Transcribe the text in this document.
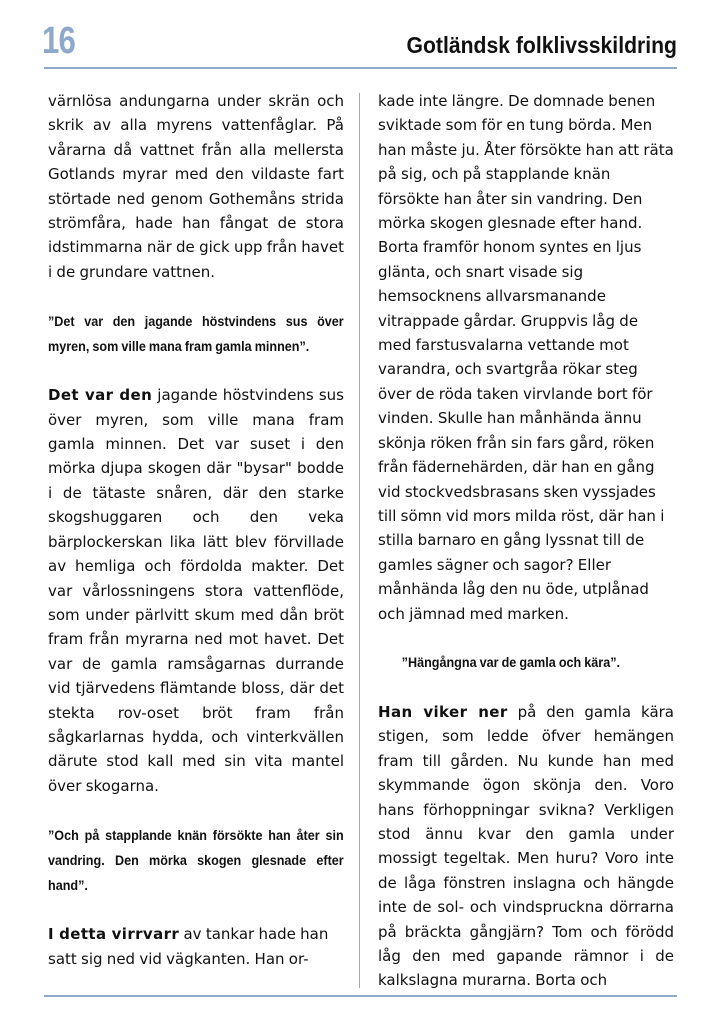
16	Gotländsk folklivsskildring

värnlösa andungarna under skrän och skrik av alla myrens vattenfåglar. På vårarna då vattnet från alla mellersta Gotlands myrar med den vildaste fart störtade ned genom Gothemåns strida strömfåra, hade han fångat de stora idstimmarna när de gick upp från havet i de grundare vattnen.

”Det var den jagande höstvindens sus över myren, som ville mana fram gamla minnen”.

Det var den jagande höstvindens sus över myren, som ville mana fram gamla minnen. Det var suset i den mörka djupa skogen där "bysar" bodde i de tätaste snåren, där den starke skogshuggaren och den veka bärplockerskan lika lätt blev förvillade av hemliga och fördolda makter. Det var vårlossningens stora vattenflöde, som under pärlvitt skum med dån bröt fram från myrarna ned mot havet. Det var de gamla ramsågarnas durrande vid tjärvedens flämtande bloss, där det stekta rov-oset bröt fram från sågkarlarnas hydda, och vinterkvällen därute stod kall med sin vita mantel över skogarna.

”Och på stapplande knän försökte han åter sin vandring. Den mörka skogen glesnade efter hand”.

I detta virrvarr av tankar hade han satt sig ned vid vägkanten. Han or-

kade inte längre. De domnade benen sviktade som för en tung börda. Men han måste ju. Åter försökte han att räta på sig, och på stapplande knän försökte han åter sin vandring. Den mörka skogen glesnade efter hand. Borta framför honom syntes en ljus glänta, och snart visade sig hemsocknens allvarsmanande vitrappade gårdar. Gruppvis låg de med farstusvalarna vettande mot varandra, och svartgråa rökar steg över de röda taken virvlande bort för vinden. Skulle han månhända ännu skönja röken från sin fars gård, röken från fädernehärden, där han en gång vid stockvedsbrasans sken vyssjades till sömn vid mors milda röst, där han i stilla barnaro en gång lyssnat till de gamles sägner och sagor? Eller månhända låg den nu öde, utplånad och jämnad med marken.

”Hängångna var de gamla och kära”.

Han viker ner på den gamla kära stigen, som ledde öfver hemängen fram till gården. Nu kunde han med skymmande ögon skönja den. Voro hans förhoppningar svikna? Verkligen stod ännu kvar den gamla under mossigt tegeltak. Men huru? Voro inte de låga fönstren inslagna och hängde inte de sol- och vindspruckna dörrarna på bräckta gångjärn? Tom och förödd låg den med gapande rämnor i de kalkslagna murarna. Borta och
